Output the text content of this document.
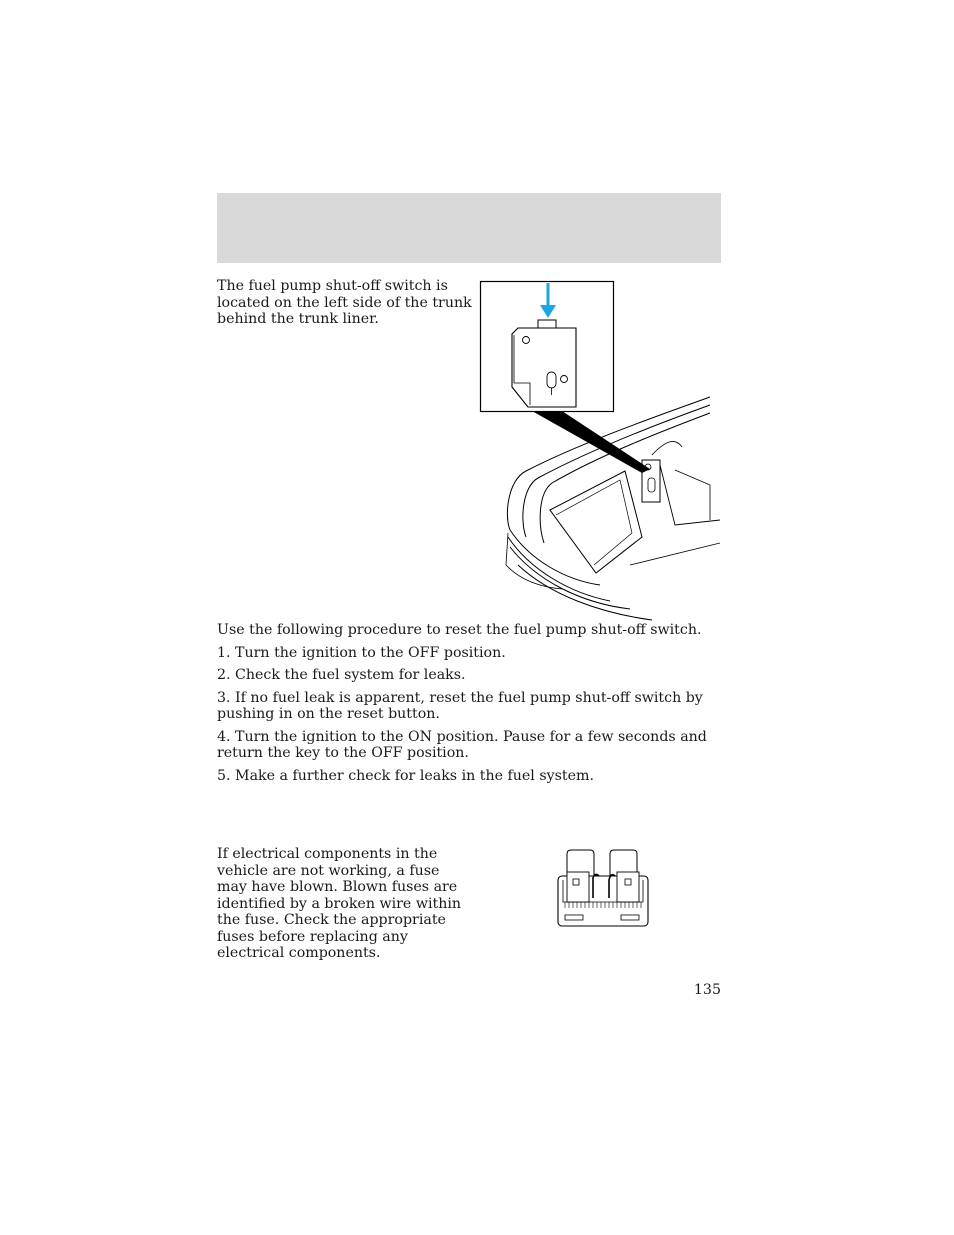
The fuel pump shut-off switch is located on the left side of the trunk behind the trunk liner.

Use the following procedure to reset the fuel pump shut-off switch.

1. Turn the ignition to the OFF position.

2. Check the fuel system for leaks.

3. If no fuel leak is apparent, reset the fuel pump shut-off switch by pushing in on the reset button.

4. Turn the ignition to the ON position. Pause for a few seconds and return the key to the OFF position.

5. Make a further check for leaks in the fuel system.

If electrical components in the vehicle are not working, a fuse may have blown. Blown fuses are identified by a broken wire within the fuse. Check the appropriate fuses before replacing any electrical components.

135
